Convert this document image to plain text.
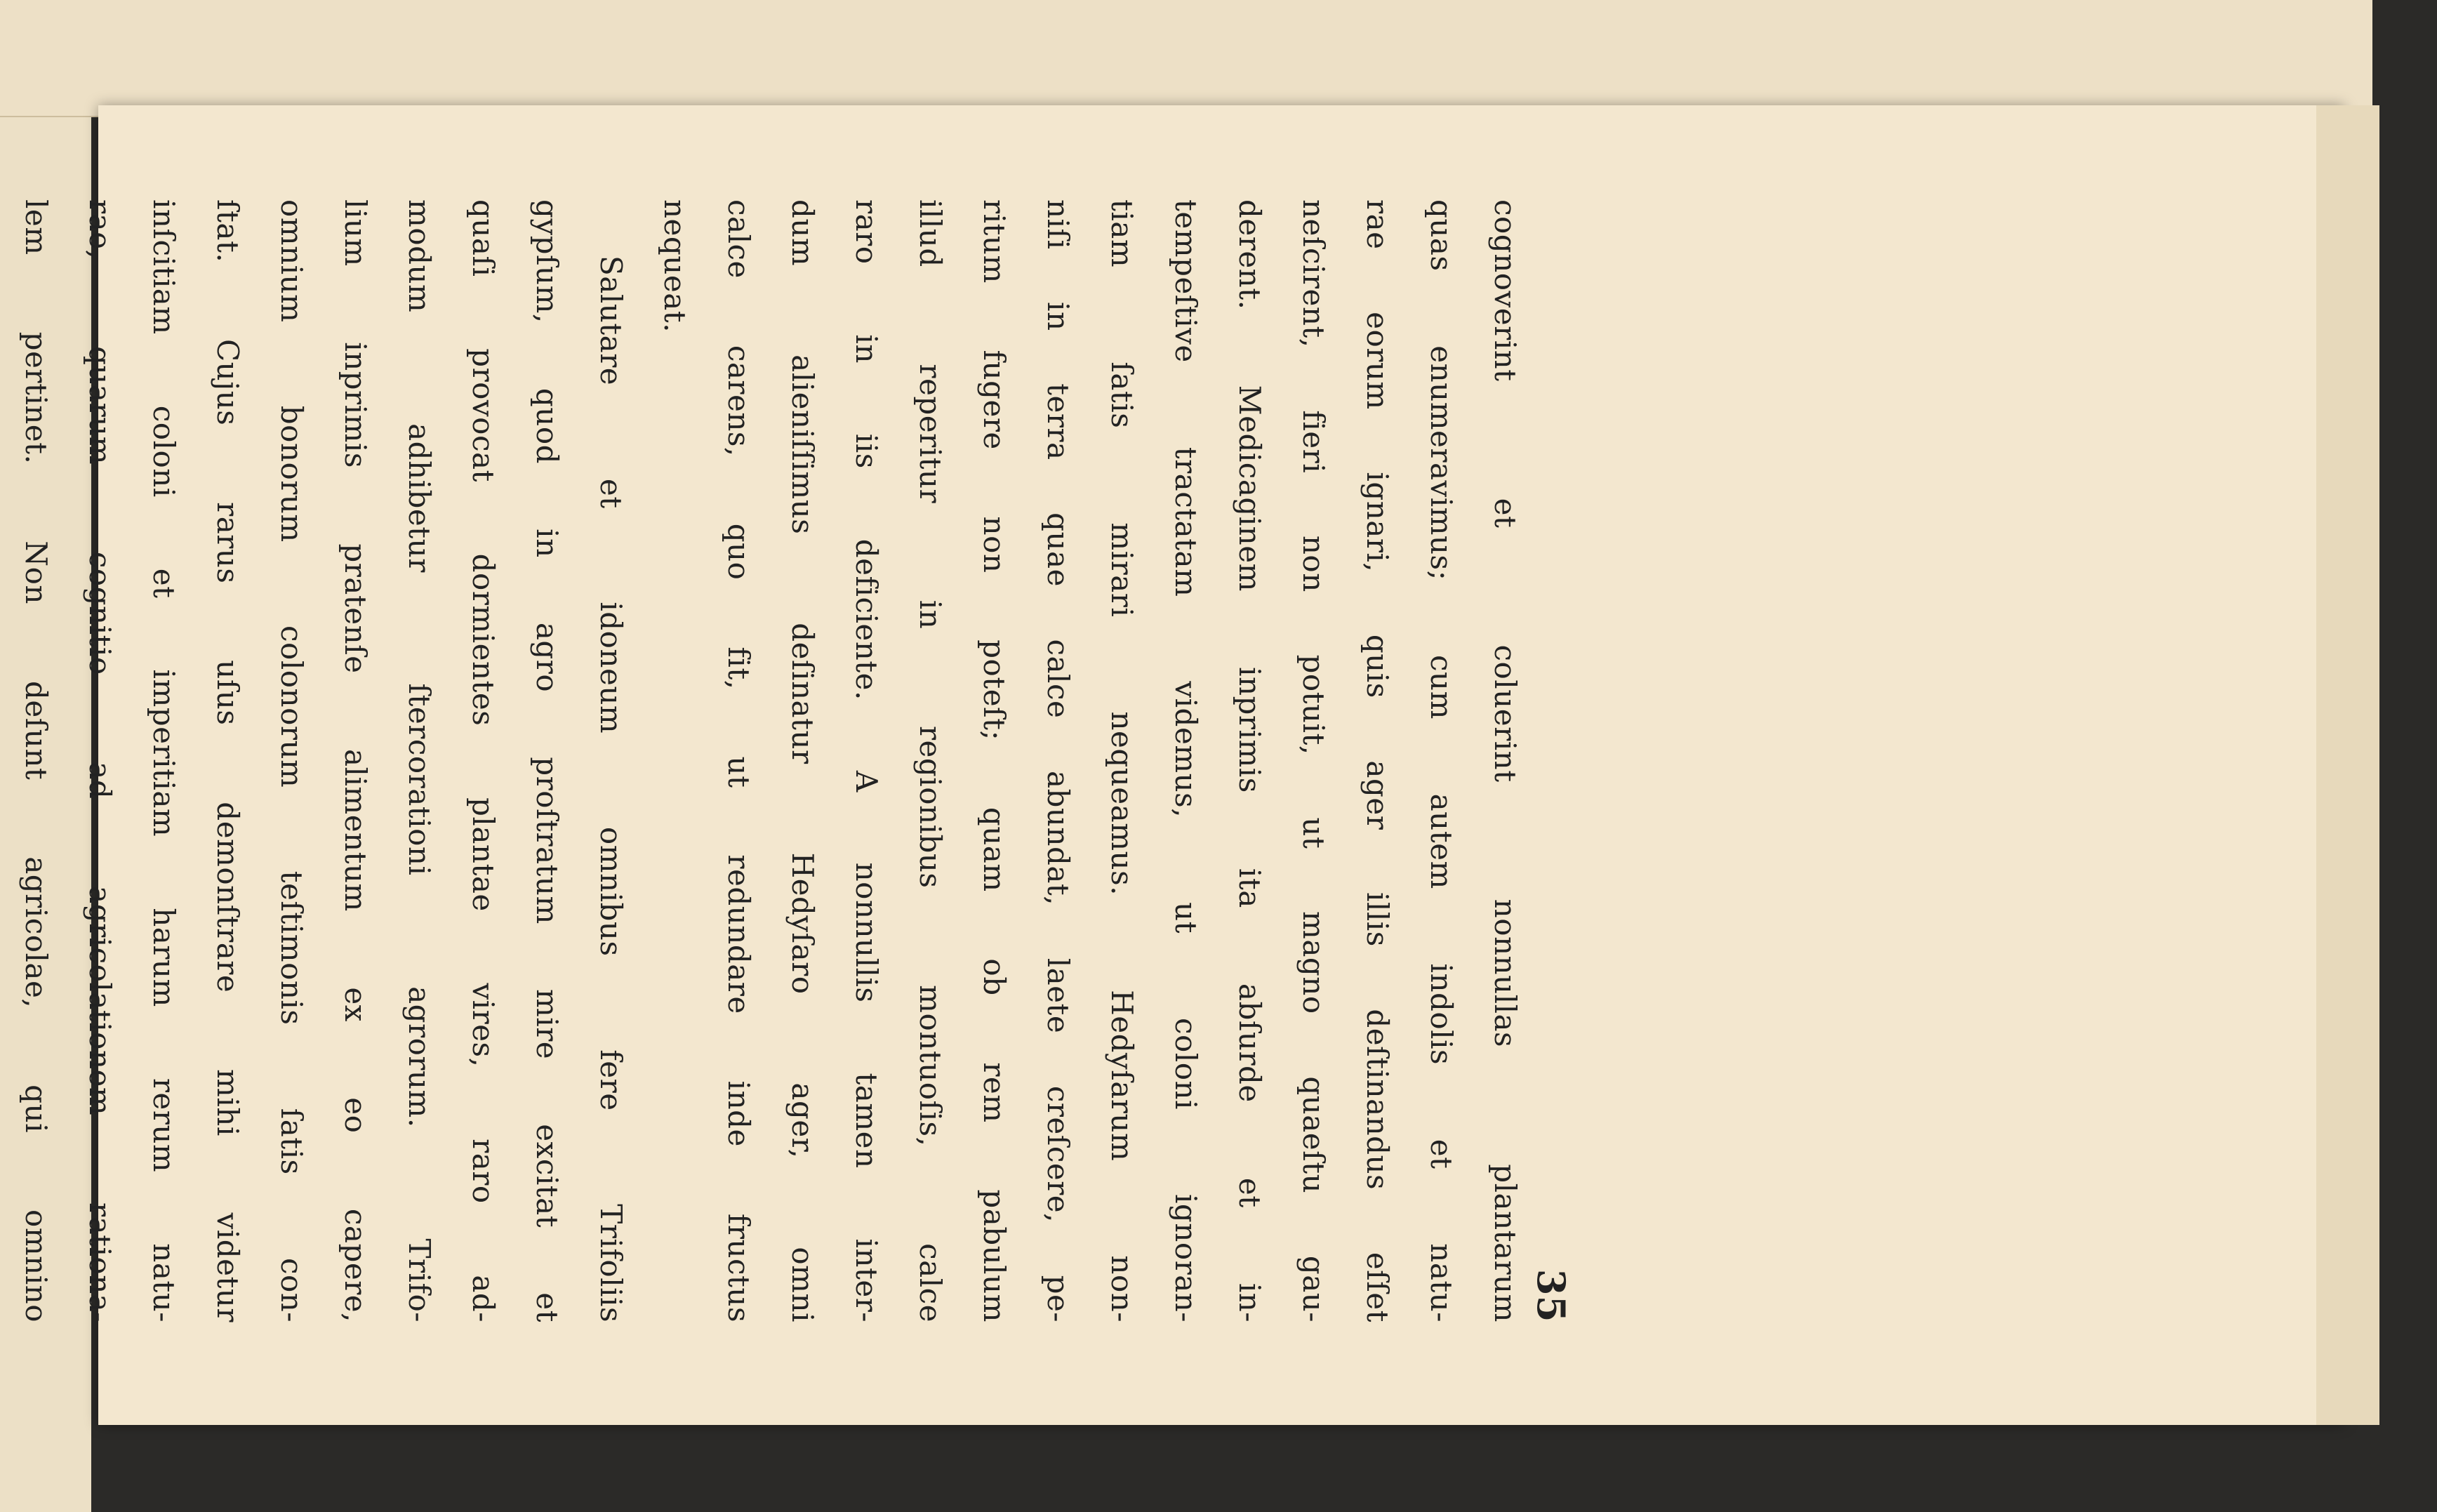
35
cognoverint et coluerint nonnullas plantarum
quas enumeravimus; cum autem indolis et natu-
rae eorum ignari, quis ager illis deſtinandus eſſet
neſcirent, fieri non potuit, ut magno quaeſtu gau-
derent. Medicaginem inprimis ita abſurde et in-
tempeſtive tractatam videmus, ut coloni ignoran-
tiam ſatis mirari nequeamus. Hedyſarum non-
niſi in terra quae calce abundat, laete creſcere, pe-
ritum fugere non poteſt; quam ob rem pabulum
illud reperitur in regionibus montuoſis, calce
raro in iis deficiente. A nonnullis tamen inter-
dum alieniſſimus deſinatur Hedyſaro ager, omni
calce carens, quo fit, ut redundare inde fructus
nequeat.
Salutare et idoneum omnibus fere Trifoliis
gypſum, quod in agro proſtratum mire excitat et
quaſi provocat dormientes plantae vires, raro ad-
modum adhibetur ſtercorationi agrorum. Trifo-
lium inprimis pratenſe alimentum ex eo capere,
omnium bonorum colonorum teſtimonis ſatis con-
ſtat. Cujus rarus uſus demonſtrare mihi videtur
inſcitiam coloni et imperitiam harum rerum natu-
rae, quarum cognitio ad agricolationem rationa-
lem pertinet. Non deſunt agricolae, qui omnino
